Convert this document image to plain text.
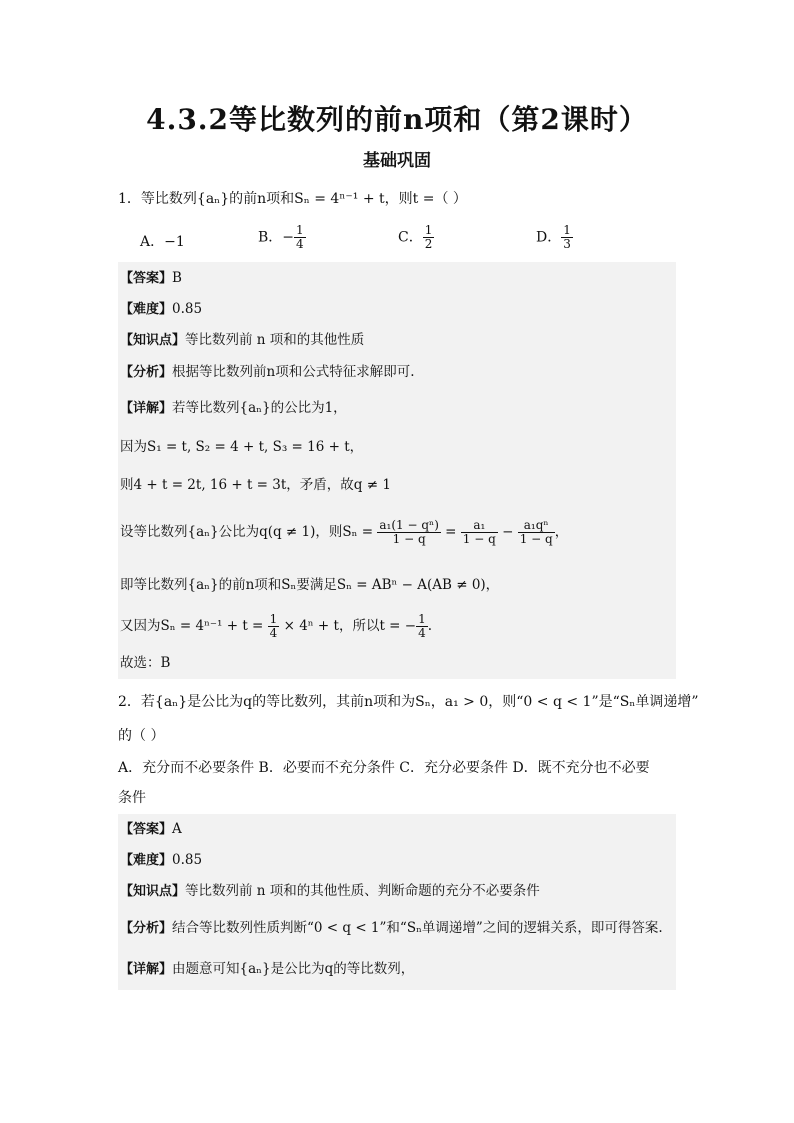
4.3.2等比数列的前n项和（第2课时）
基础巩固
1．等比数列{aₙ}的前n项和Sₙ = 4ⁿ⁻¹ + t，则t =（ ）
A．−1	B．− $\frac{1}{4}$	C． $\frac{1}{2}$	D． $\frac{1}{3}$
【答案】B
【难度】0.85
【知识点】等比数列前 n 项和的其他性质
【分析】根据等比数列前n项和公式特征求解即可.
【详解】若等比数列{aₙ}的公比为1，
因为S₁ = t, S₂ = 4 + t, S₃ = 16 + t，
则4 + t = 2t, 16 + t = 3t，矛盾，故q ≠ 1
设等比数列{aₙ}公比为q(q ≠ 1)，则$S_n = \frac{\text{a₁(1 − qⁿ)}}{1 - q} = \frac{\text{a₁}}{1 - q} - \frac{\text{a₁qⁿ}}{1 - q}$ ，
即等比数列{aₙ}的前n项和Sₙ要满足Sₙ = ABⁿ − A(AB ≠ 0)，
又因为$S_n = 4^{n-1} + t = \frac{1}{4} \times 4^n + t$，所以t = − $\frac{1}{4}$ .
故选：B
2．若{aₙ}是公比为q的等比数列，其前n项和为Sₙ，a₁ > 0，则“0 < q < 1”是“Sₙ单调递增”
的（ ）
A．充分而不必要条件 B．必要而不充分条件 C．充分必要条件 D．既不充分也不必要
条件
【答案】A
【难度】0.85
【知识点】等比数列前 n 项和的其他性质、判断命题的充分不必要条件
【分析】结合等比数列性质判断“0 < q < 1”和“Sₙ单调递增”之间的逻辑关系，即可得答案.
【详解】由题意可知{aₙ}是公比为q的等比数列，
